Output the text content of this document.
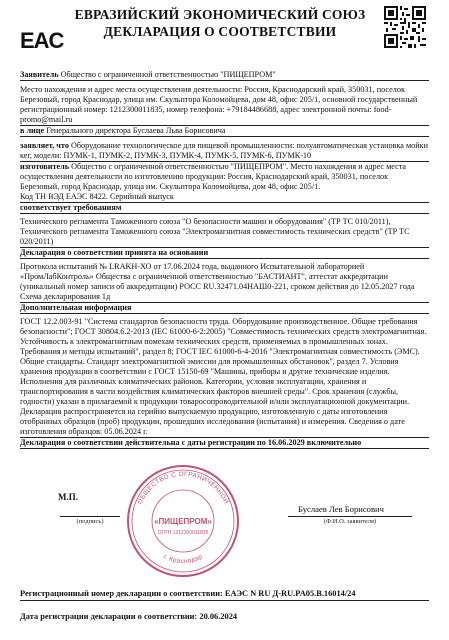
EAC
ЕВРАЗИЙСКИЙ ЭКОНОМИЧЕСКИЙ СОЮЗ
ДЕКЛАРАЦИЯ О СООТВЕТСТВИИ
Заявитель Общество с ограниченной ответственностью "ПИЩЕПРОМ"
Место нахождения и адрес места осуществления деятельности: Россия, Краснодарский край, 350031, поселок Березовый, город Краснодар, улица им. Скульптора Коломойцева, дом 48, офис 205/1, основной государственный регистрационный номер: 1212300011835, номер телефона: +79184486688, адрес электронной почты: food-promo@mail.ru
в лице Генерального директора Буслаева Льва Борисовича
заявляет, что Оборудование технологическое для пищевой промышленности: полуавтоматическая установка мойки кег, модели: ПУМК-1, ПУМК-2, ПУМК-3, ПУМК-4, ПУМК-5, ПУМК-6, ПУМК-10
изготовитель Общество с ограниченной ответственностью "ПИЩЕПРОМ". Место нахождения и адрес места осуществления деятельности по изготовлению продукции: Россия, Краснодарский край, 350031, поселок Березовый, город Краснодар, улица им. Скульптора Коломойцева, дом 48, офис 205/1.
Код ТН ВЭД ЕАЭС 8422. Серийный выпуск
соответствует требованиям
Технического регламента Таможенного союза "О безопасности машин и оборудования" (ТР ТС 010/2011), Технического регламента Таможенного союза "Электромагнитная совместимость технических средств" (ТР ТС 020/2011)
Декларация о соответствии принята на основании
Протокола испытаний № LRAKH-ХО от 17.06.2024 года, выданного Испытательной лабораторией «ПромЛабКонтроль» Общества с ограниченной ответственностью "БАСТИАНТ", аттестат аккредитации (уникальный номер записи об аккредитации) РОСС RU.32471.04НАШ0-221, сроком действия до 12.05.2027 года
Схема декларирования 1д
Дополнительная информация
ГОСТ 12.2.003-91 "Система стандартов безопасности труда. Оборудование производственное. Общие требования безопасности"; ГОСТ 30804.6.2-2013 (IEC 61000-6-2:2005) "Совместимость технических средств электромагнитная. Устойчивость к электромагнитным помехам технических средств, применяемых в промышленных зонах. Требования и методы испытаний", раздел 8; ГОСТ IEC 61000-6-4-2016 "Электромагнитная совместимость (ЭМС). Общие стандарты. Стандарт электромагнитной эмиссии для промышленных обстановок", раздел 7. Условия хранения продукции в соответствии с ГОСТ 15150-69 "Машины, приборы и другие технические изделия. Исполнения для различных климатических районов. Категории, условия эксплуатации, хранения и транспортирования в части воздействия климатических факторов внешней среды". Срок хранения (службы, годности) указан в прилагаемой к продукции товаросопроводительной и/или эксплуатационной документации.
Декларация распространяется на серийно выпускаемую продукцию, изготовленную с даты изготовления отобранных образцов (проб) продукции, прошедших исследования (испытания) и измерения. Сведения о дате изготовления образцов: 05.06.2024 г.
Декларация о соответствии действительна с даты регистрации по 16.06.2029 включительно
М.П.
(подпись)
Буслаев Лев Борисович
(Ф.И.О. заявителя)
ОБЩЕСТВО С ОГРАНИЧЕННОЙ
г. Краснодар
«ПИЩЕПРОМ»
ОГРН 1212300011835
Регистрационный номер декларации о соответствии: ЕАЭС N RU Д-RU.PA05.B.16014/24
Дата регистрации декларации о соответствии: 20.06.2024
